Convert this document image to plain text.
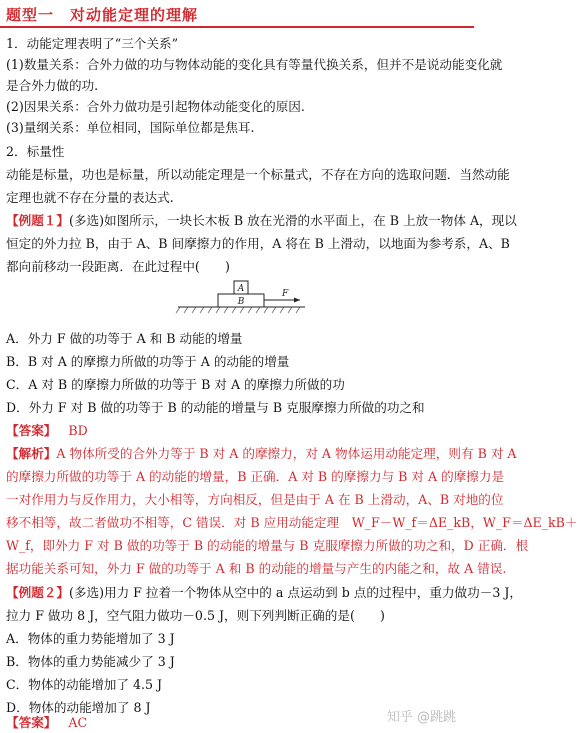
题型一　对动能定理的理解
1．动能定理表明了“三个关系”
(1)数量关系：合外力做的功与物体动能的变化具有等量代换关系，但并不是说动能变化就
是合外力做的功.
(2)因果关系：合外力做功是引起物体动能变化的原因.
(3)量纲关系：单位相同，国际单位都是焦耳.
2．标量性
动能是标量，功也是标量，所以动能定理是一个标量式，不存在方向的选取问题．当然动能
定理也就不存在分量的表达式.
【例题１】(多选)如图所示，一块长木板 B 放在光滑的水平面上，在 B 上放一物体 A，现以
恒定的外力拉 B，由于 A、B 间摩擦力的作用，A 将在 B 上滑动，以地面为参考系，A、B
都向前移动一段距离．在此过程中(　　)
A
B
F
A．外力 F 做的功等于 A 和 B 动能的增量
B．B 对 A 的摩擦力所做的功等于 A 的动能的增量
C．A 对 B 的摩擦力所做的功等于 B 对 A 的摩擦力所做的功
D．外力 F 对 B 做的功等于 B 的动能的增量与 B 克服摩擦力所做的功之和
【答案】 BD
【解析】A 物体所受的合外力等于 B 对 A 的摩擦力，对 A 物体运用动能定理，则有 B 对 A
的摩擦力所做的功等于 A 的动能的增量，B 正确．A 对 B 的摩擦力与 B 对 A 的摩擦力是
一对作用力与反作用力，大小相等，方向相反，但是由于 A 在 B 上滑动，A、B 对地的位
移不相等，故二者做功不相等，C 错误．对 B 应用动能定理　W_F－W_f＝ΔE_kB，W_F＝ΔE_kB＋
W_f，即外力 F 对 B 做的功等于 B 的动能的增量与 B 克服摩擦力所做的功之和，D 正确．根
据功能关系可知，外力 F 做的功等于 A 和 B 的动能的增量与产生的内能之和，故 A 错误.
【例题２】(多选)用力 F 拉着一个物体从空中的 a 点运动到 b 点的过程中，重力做功－3 J，
拉力 F 做功 8 J，空气阻力做功－0.5 J，则下列判断正确的是(　　)
A．物体的重力势能增加了 3 J
B．物体的重力势能减少了 3 J
C．物体的动能增加了 4.5 J
D．物体的动能增加了 8 J
【答案】 AC	知乎 @跳跳
